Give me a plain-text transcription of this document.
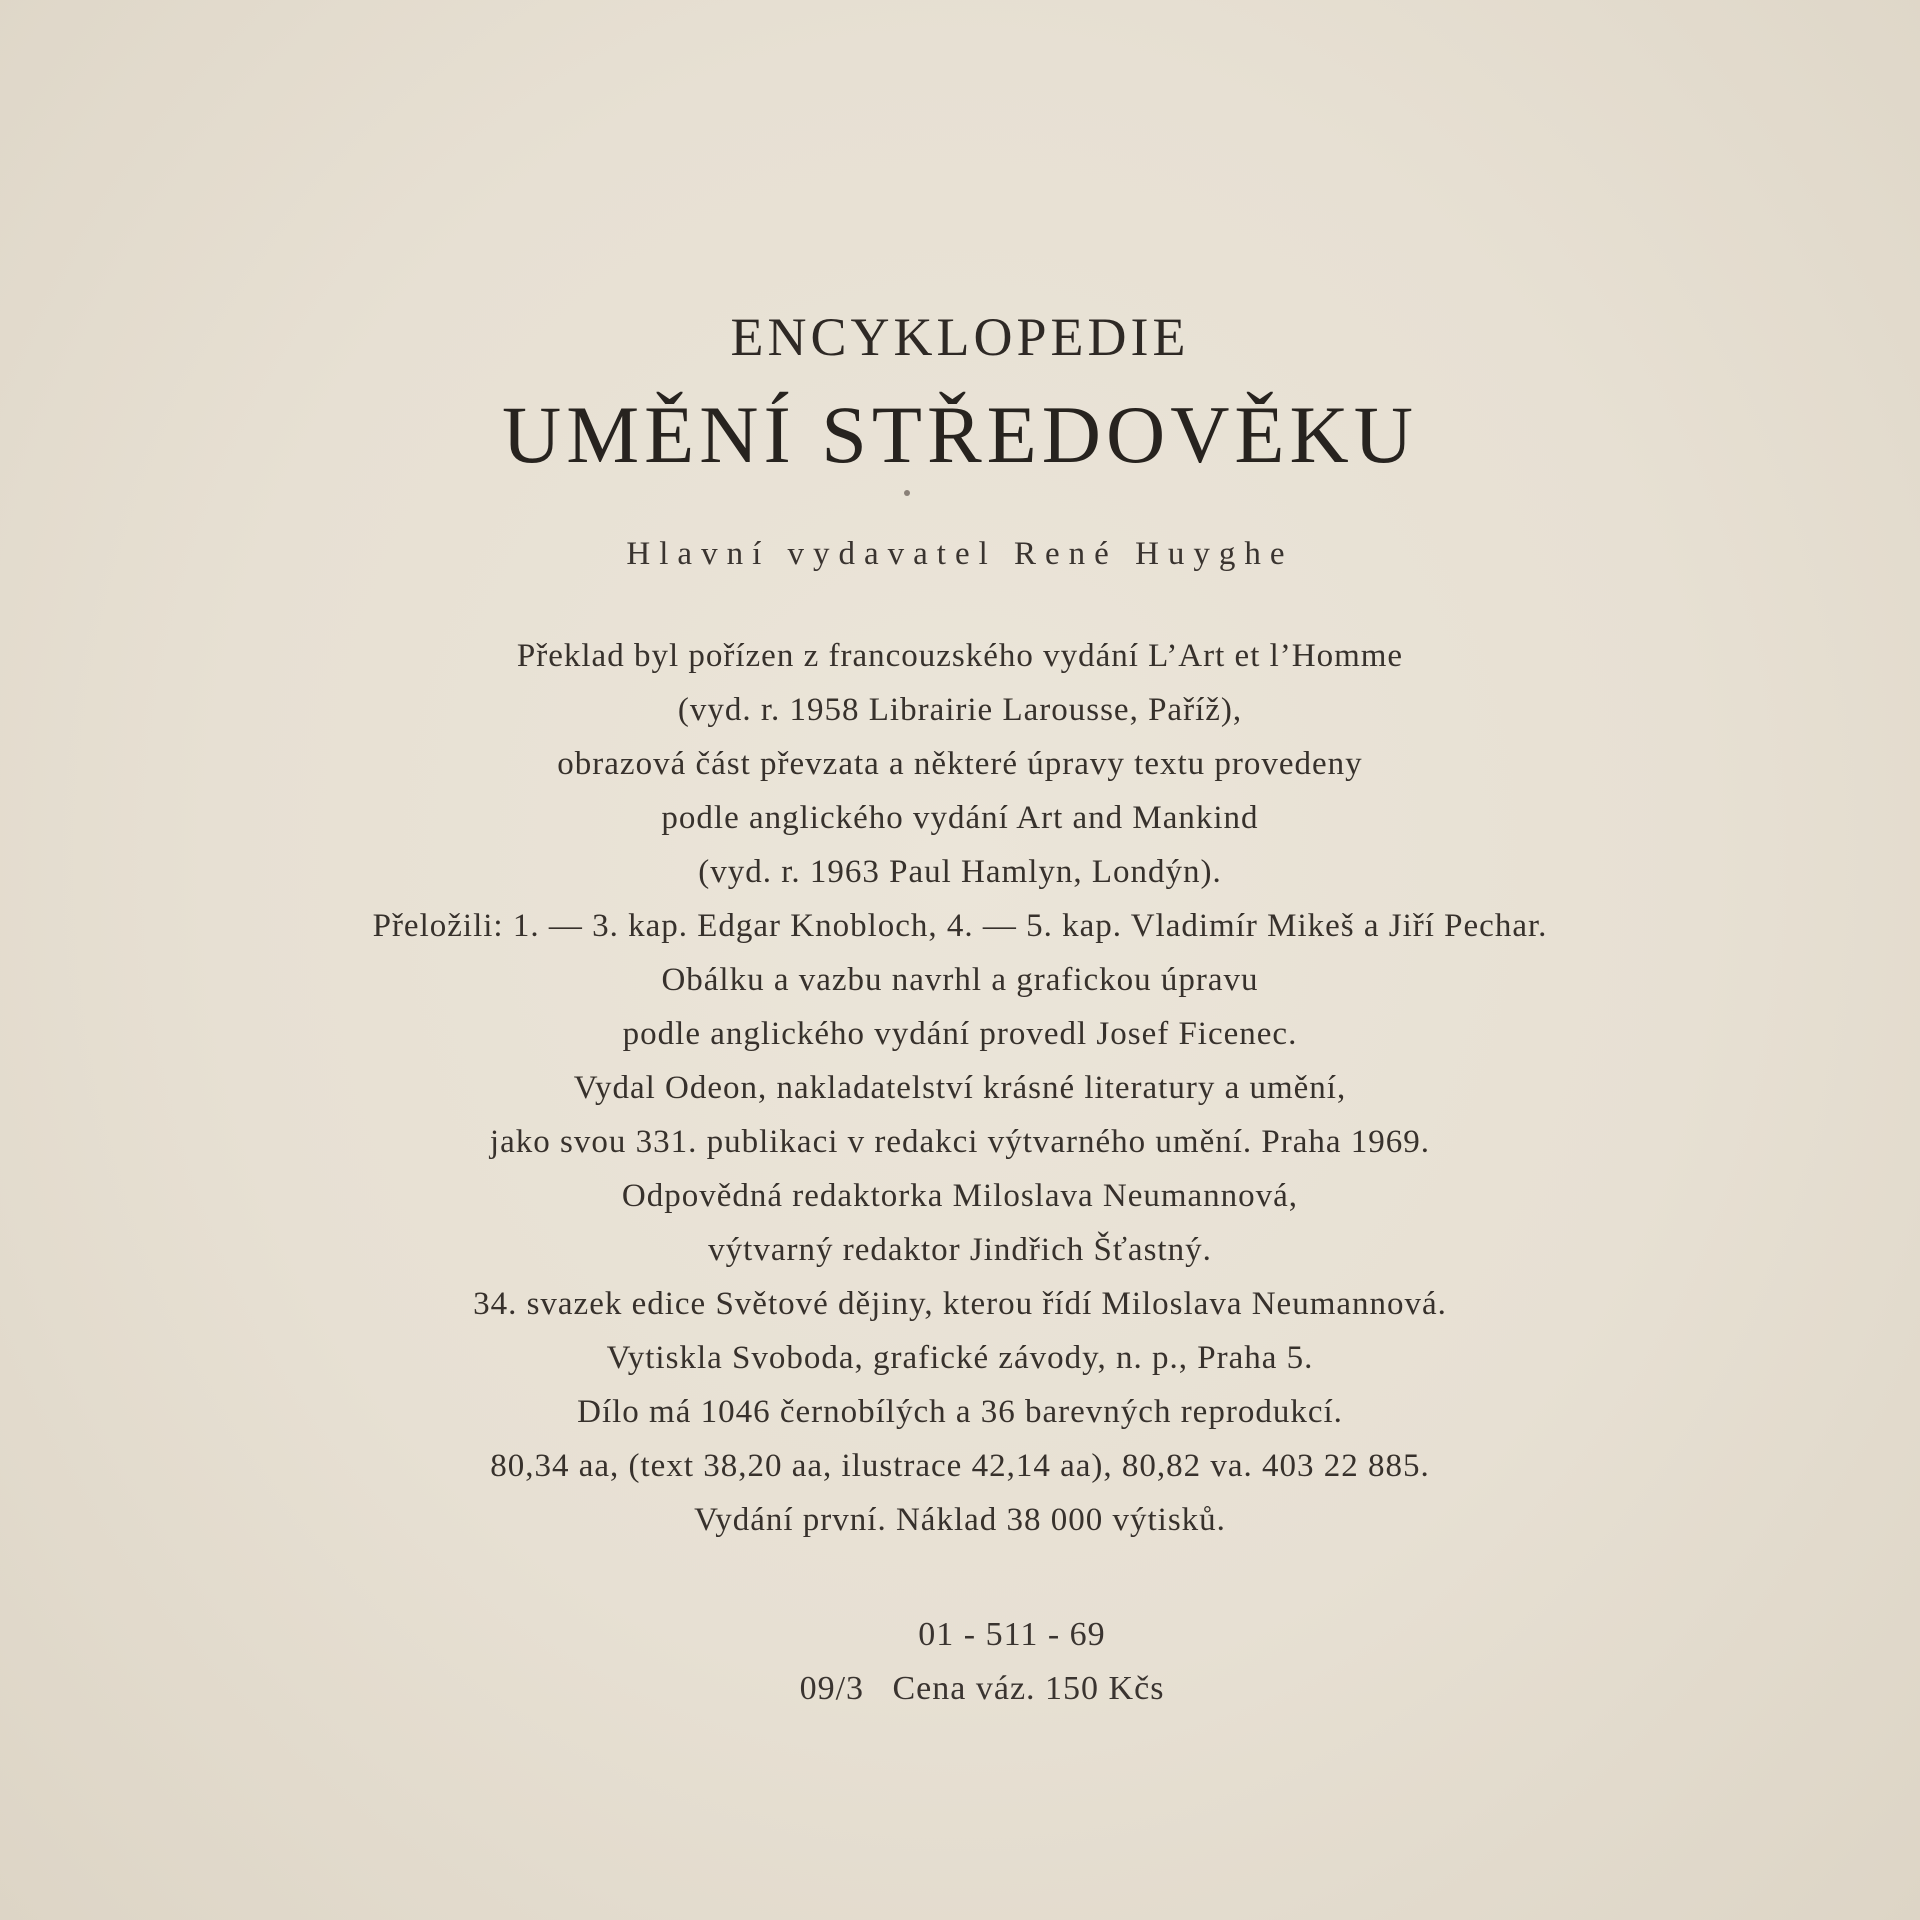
ENCYKLOPEDIE
UMĚNÍ STŘEDOVĚKU
Hlavní vydavatel René Huyghe
Překlad byl pořízen z francouzského vydání L’Art et l’Homme
(vyd. r. 1958 Librairie Larousse, Paříž),
obrazová část převzata a některé úpravy textu provedeny
podle anglického vydání Art and Mankind
(vyd. r. 1963 Paul Hamlyn, Londýn).
Přeložili: 1. — 3. kap. Edgar Knobloch, 4. — 5. kap. Vladimír Mikeš a Jiří Pechar.
Obálku a vazbu navrhl a grafickou úpravu
podle anglického vydání provedl Josef Ficenec.
Vydal Odeon, nakladatelství krásné literatury a umění,
jako svou 331. publikaci v redakci výtvarného umění. Praha 1969.
Odpovědná redaktorka Miloslava Neumannová,
výtvarný redaktor Jindřich Šťastný.
34. svazek edice Světové dějiny, kterou řídí Miloslava Neumannová.
Vytiskla Svoboda, grafické závody, n. p., Praha 5.
Dílo má 1046 černobílých a 36 barevných reprodukcí.
80,34 aa, (text 38,20 aa, ilustrace 42,14 aa), 80,82 va. 403 22 885.
Vydání první. Náklad 38 000 výtisků.
01 - 511 - 69
09/3   Cena váz. 150 Kčs
